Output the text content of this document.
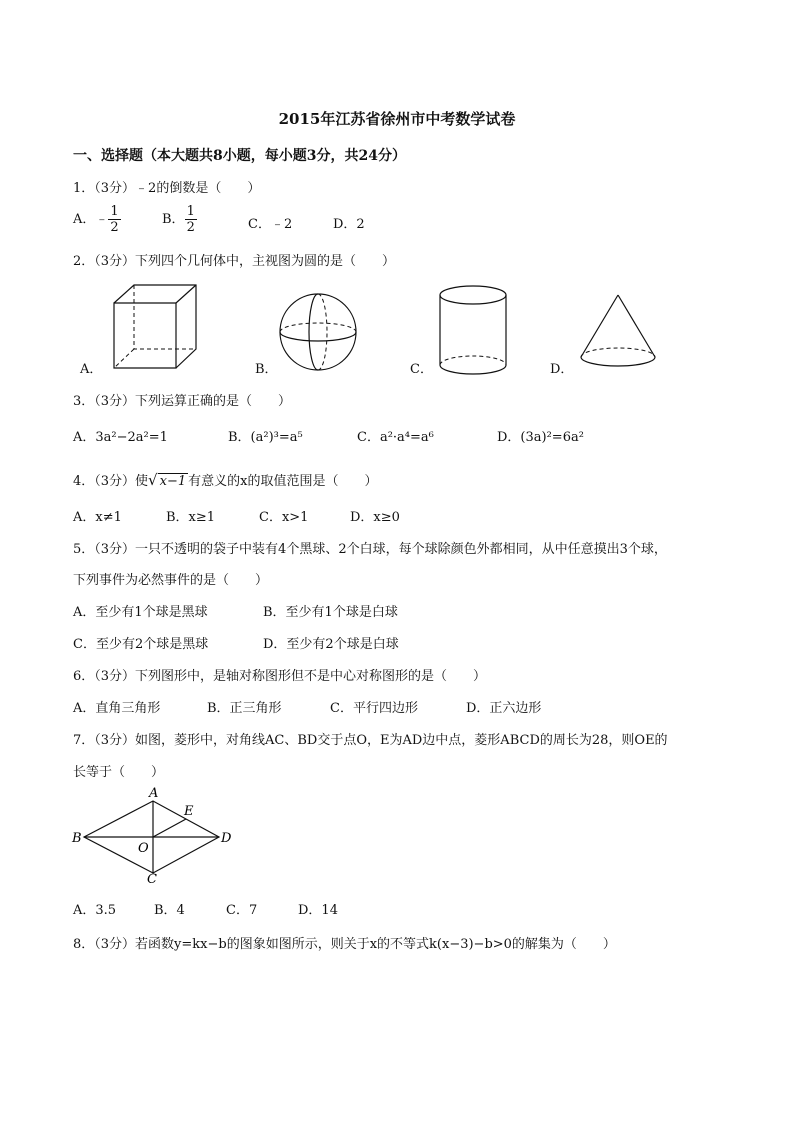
2015年江苏省徐州市中考数学试卷
一、选择题（本大题共8小题，每小题3分，共24分）
1．（3分）﹣2的倒数是（　　）
A．﹣ $\frac{1}{2}$	B． $\frac{1}{2}$	C．﹣2	D．2
2．（3分）下列四个几何体中，主视图为圆的是（　　）
A．	B．	C．	D．
3．（3分）下列运算正确的是（　　）
A．3a²−2a²=1	B．(a²)³=a⁵	C．a²·a⁴=a⁶	D．(3a)²=6a²
4．（3分）使√ x−1 有意义的x的取值范围是（　　）
A．x≠1	B．x≥1	C．x>1	D．x≥0
5．（3分）一只不透明的袋子中装有4个黑球、2个白球，每个球除颜色外都相同，从中任意摸出3个球，
下列事件为必然事件的是（　　）
A．至少有1个球是黑球	B．至少有1个球是白球
C．至少有2个球是黑球	D．至少有2个球是白球
6．（3分）下列图形中，是轴对称图形但不是中心对称图形的是（　　）
A．直角三角形	B．正三角形	C．平行四边形	D．正六边形
7．（3分）如图，菱形中，对角线AC、BD交于点O，E为AD边中点，菱形ABCD的周长为28，则OE的
长等于（　　）
A
B
C
D
E
O
A．3.5	B．4	C．7	D．14
8．（3分）若函数y=kx−b的图象如图所示，则关于x的不等式k(x−3)−b>0的解集为（　　）
